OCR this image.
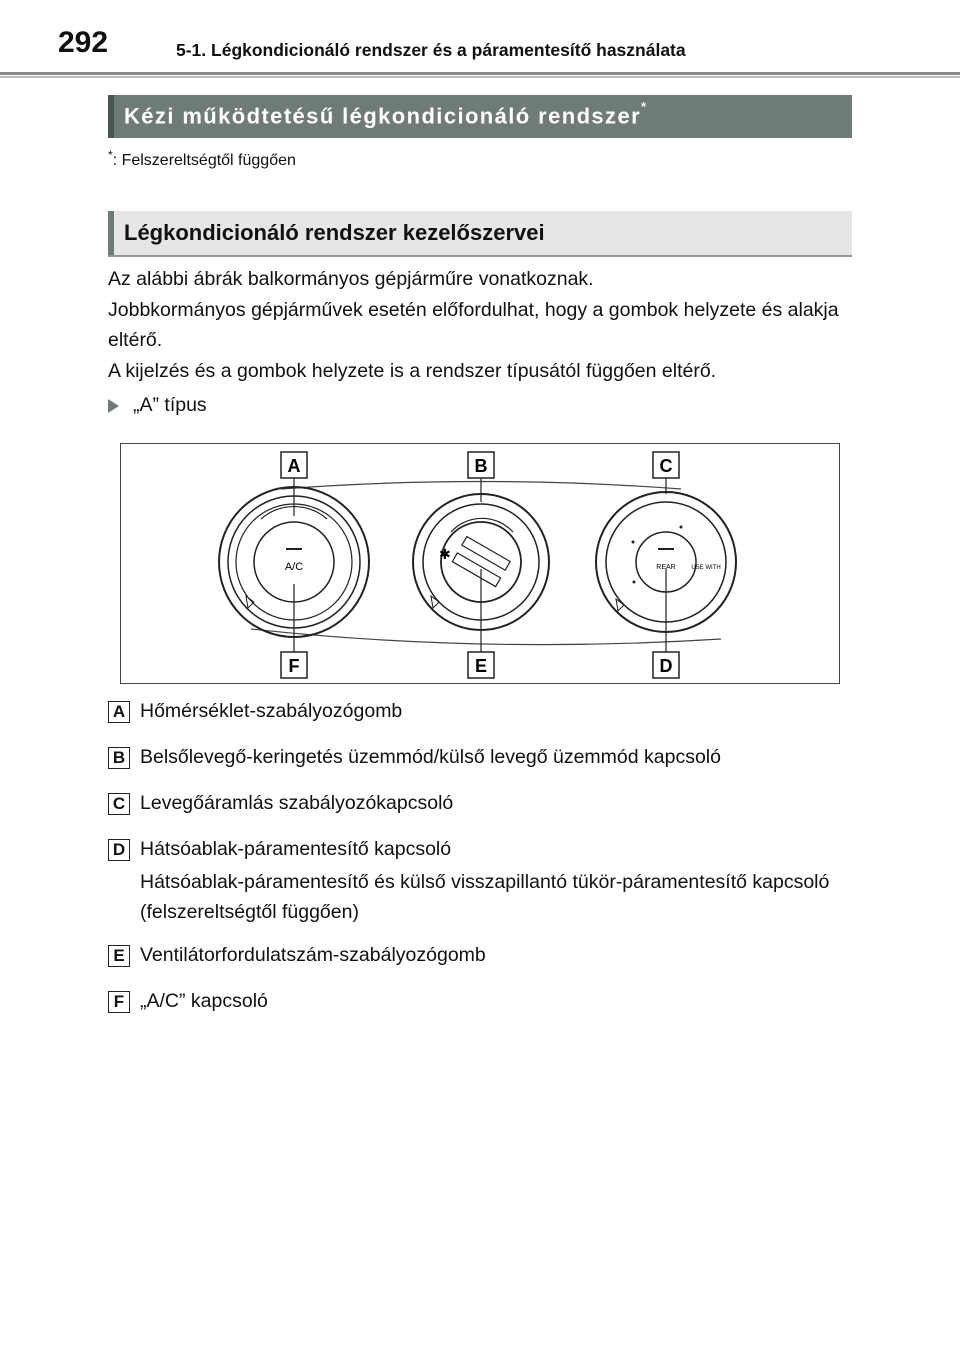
292	5-1. Légkondicionáló rendszer és a páramentesítő használata
Kézi működtetésű légkondicionáló rendszer*
*: Felszereltségtől függően
Légkondicionáló rendszer kezelőszervei

Az alábbi ábrák balkormányos gépjárműre vonatkoznak.

Jobbkormányos gépjárművek esetén előfordulhat, hogy a gombok helyzete és alakja eltérő.

A kijelzés és a gombok helyzete is a rendszer típusától függően eltérő.

„A” típus
A/C
✱
REAR	USE WITH
A	B	C
F	E	D
A Hőmérséklet-szabályozógomb
B Belsőlevegő-keringetés üzemmód/külső levegő üzemmód kapcsoló
C Levegőáramlás szabályozókapcsoló
D Hátsóablak-páramentesítő kapcsoló
Hátsóablak-páramentesítő és külső visszapillantó tükör-páramentesítő kapcsoló (felszereltségtől függően)
E Ventilátorfordulatszám-szabályozógomb
F „A/C” kapcsoló
